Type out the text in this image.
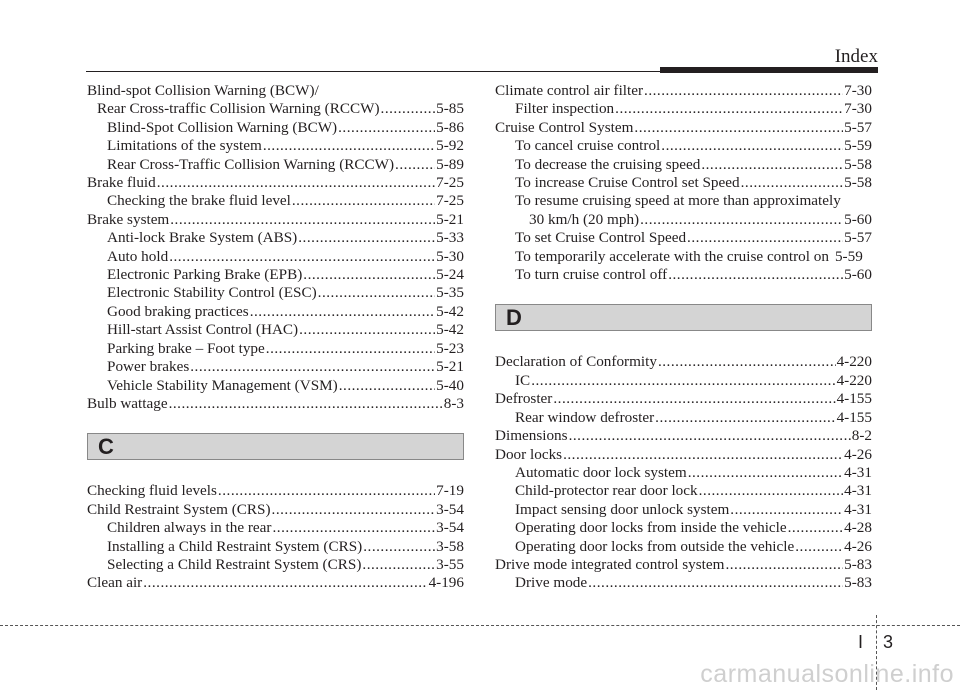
Index
Blind-spot Collision Warning (BCW)/
Rear Cross-traffic Collision Warning (RCCW) .....	5-85
Blind-Spot Collision Warning (BCW) .....	5-86
Limitations of the system .....	5-92
Rear Cross-Traffic Collision Warning (RCCW) .....	5-89
Brake fluid .....	7-25
Checking the brake fluid level .....	7-25
Brake system .....	5-21
Anti-lock Brake System (ABS) .....	5-33
Auto hold .....	5-30
Electronic Parking Brake (EPB) .....	5-24
Electronic Stability Control (ESC) .....	5-35
Good braking practices .....	5-42
Hill-start Assist Control (HAC) .....	5-42
Parking brake – Foot type .....	5-23
Power brakes .....	5-21
Vehicle Stability Management (VSM) .....	5-40
Bulb wattage .....	8-3
C
Checking fluid levels .....	7-19
Child Restraint System (CRS) .....	3-54
Children always in the rear .....	3-54
Installing a Child Restraint System (CRS) .....	3-58
Selecting a Child Restraint System (CRS) .....	3-55
Clean air .....	4-196
Climate control air filter .....	7-30
Filter inspection .....	7-30
Cruise Control System .....	5-57
To cancel cruise control .....	5-59
To decrease the cruising speed .....	5-58
To increase Cruise Control set Speed .....	5-58
To resume cruising speed at more than approximately
30 km/h (20 mph) .....	5-60
To set Cruise Control Speed .....	5-57
To temporarily accelerate with the cruise control on 5-59
To turn cruise control off .....	5-60
D
Declaration of Conformity .....	4-220
IC .....	4-220
Defroster .....	4-155
Rear window defroster .....	4-155
Dimensions .....	8-2
Door locks .....	4-26
Automatic door lock system .....	4-31
Child-protector rear door lock .....	4-31
Impact sensing door unlock system .....	4-31
Operating door locks from inside the vehicle .....	4-28
Operating door locks from outside the vehicle .....	4-26
Drive mode integrated control system .....	5-83
Drive mode .....	5-83
I 3
carmanualsonline.info
